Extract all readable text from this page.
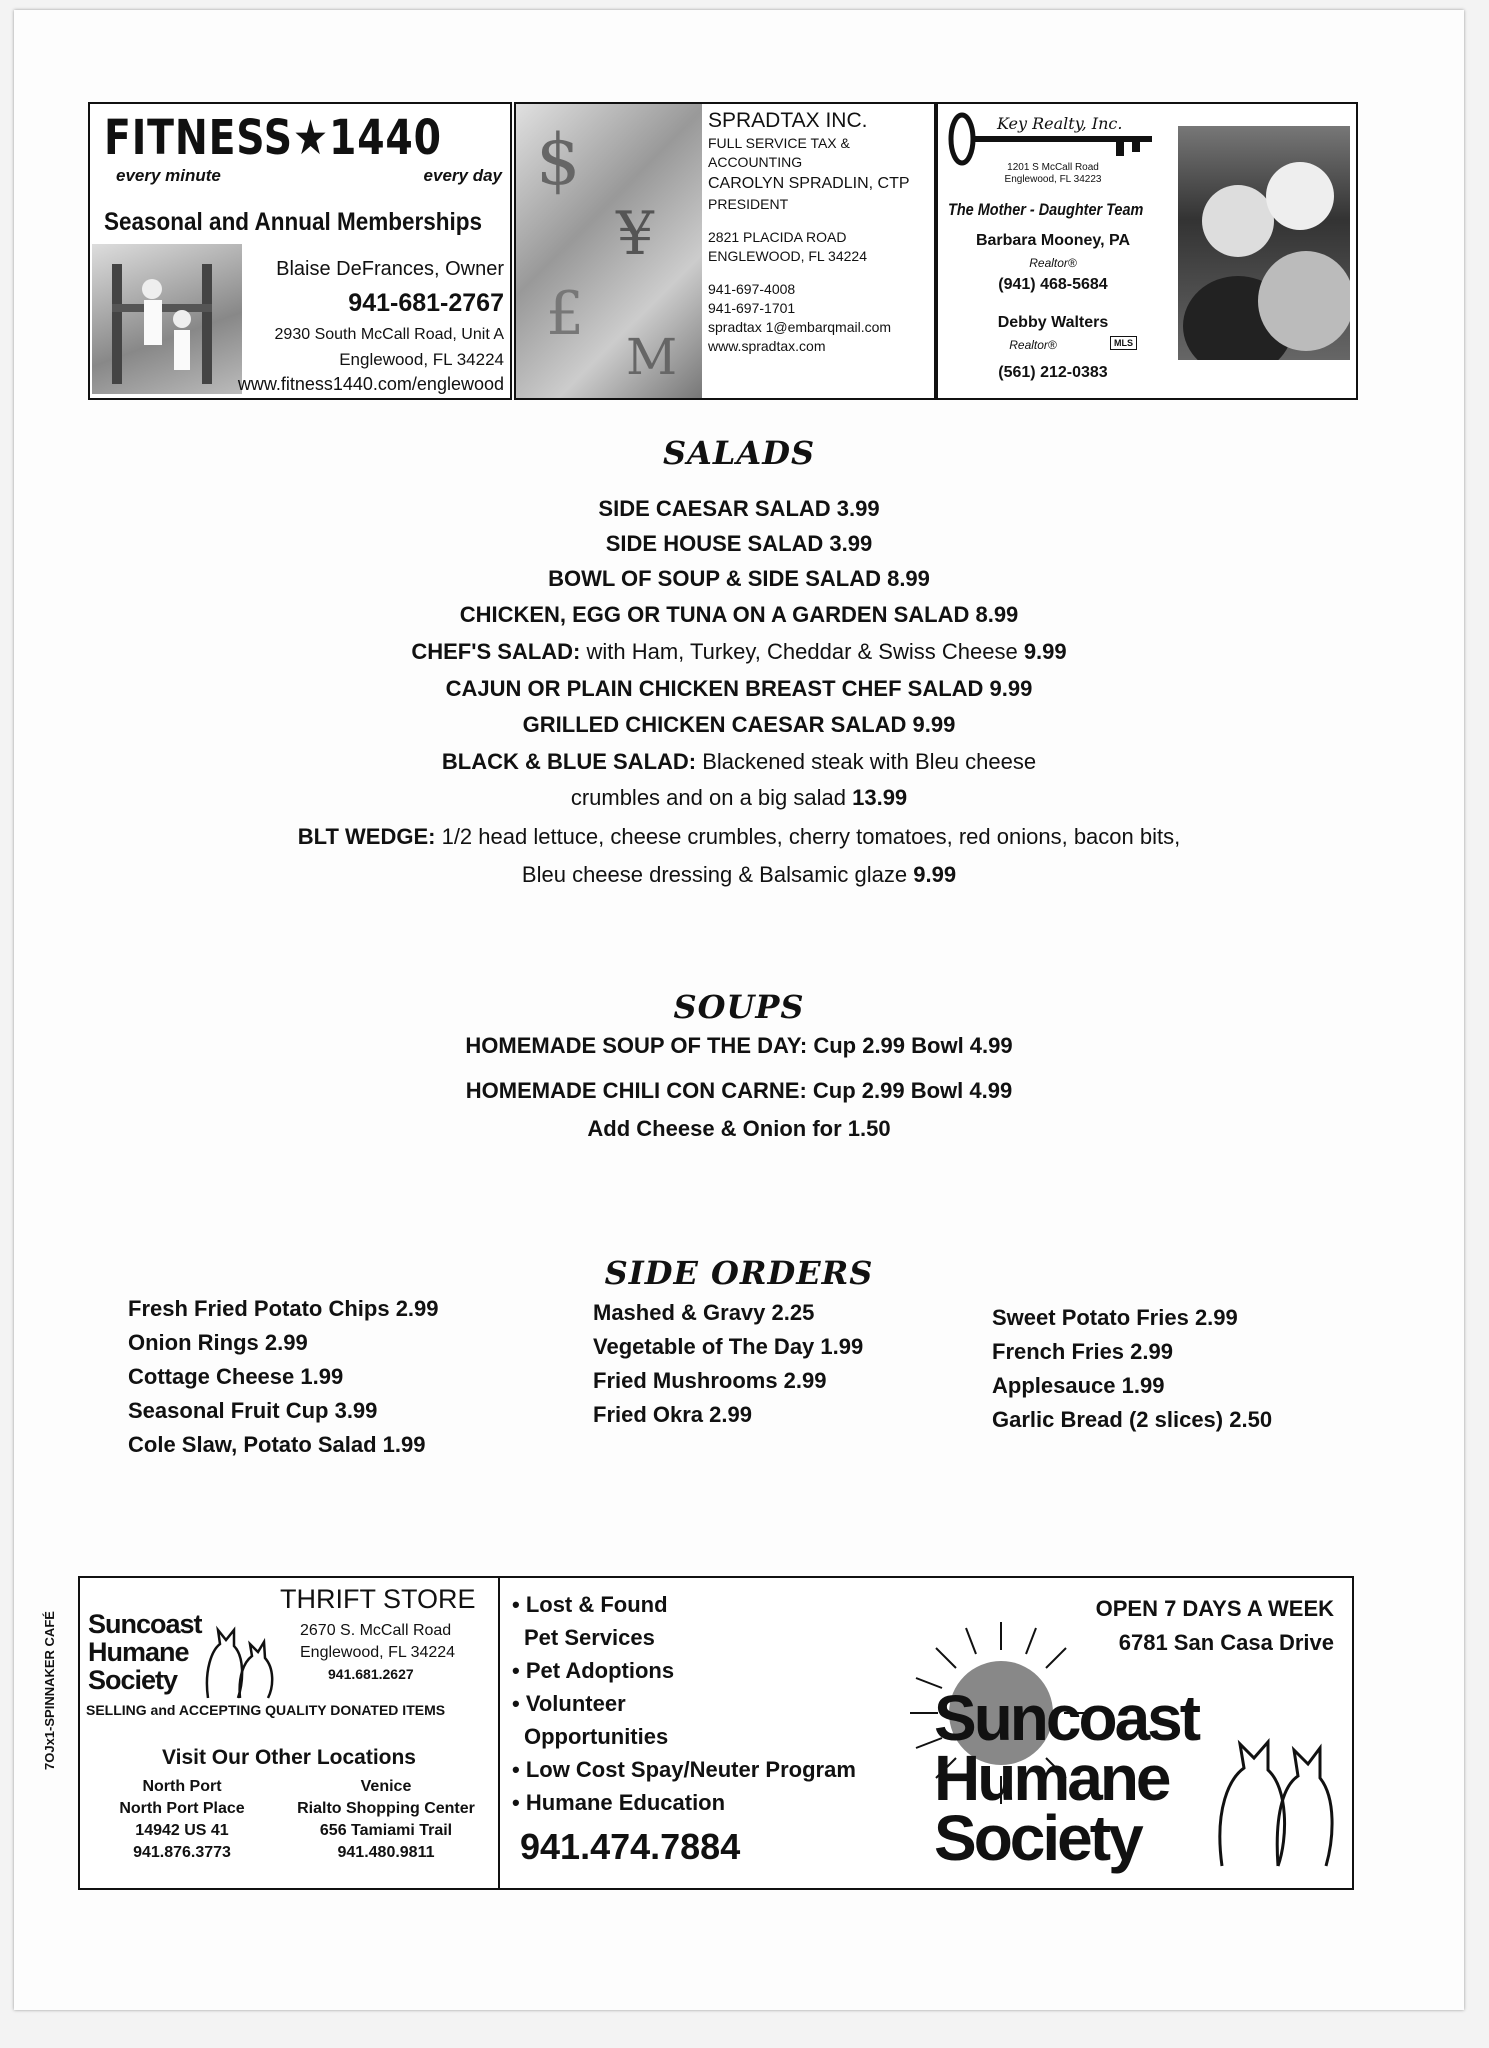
FITNESS★1440
every minute	every day
Seasonal and Annual Memberships
Blaise DeFrances, Owner
941-681-2767
2930 South McCall Road, Unit A
Englewood, FL 34224
www.fitness1440.com/englewood
$
¥
£
M
SPRADTAX INC.
FULL SERVICE TAX &
ACCOUNTING
CAROLYN SPRADLIN, CTP
PRESIDENT
2821 PLACIDA ROAD
ENGLEWOOD, FL 34224
941-697-4008
941-697-1701
spradtax 1@embarqmail.com
www.spradtax.com
Key Realty, Inc.
1201 S McCall Road
Englewood, FL 34223
The Mother - Daughter Team
Barbara Mooney, PA
Realtor®
(941) 468-5684
Debby Walters
Realtor®	MLS
(561) 212-0383
SALADS
SIDE CAESAR SALAD 3.99
SIDE HOUSE SALAD 3.99
BOWL OF SOUP & SIDE SALAD 8.99
CHICKEN, EGG OR TUNA ON A GARDEN SALAD 8.99
CHEF'S SALAD: with Ham, Turkey, Cheddar & Swiss Cheese 9.99
CAJUN OR PLAIN CHICKEN BREAST CHEF SALAD 9.99
GRILLED CHICKEN CAESAR SALAD 9.99
BLACK & BLUE SALAD: Blackened steak with Bleu cheese
crumbles and on a big salad 13.99
BLT WEDGE: 1/2 head lettuce, cheese crumbles, cherry tomatoes, red onions, bacon bits,
Bleu cheese dressing & Balsamic glaze 9.99
SOUPS
HOMEMADE SOUP OF THE DAY: Cup 2.99 Bowl 4.99
HOMEMADE CHILI CON CARNE: Cup 2.99 Bowl 4.99
Add Cheese & Onion for 1.50
SIDE ORDERS
Fresh Fried Potato Chips 2.99
Onion Rings 2.99
Cottage Cheese 1.99
Seasonal Fruit Cup 3.99
Cole Slaw, Potato Salad 1.99
Mashed & Gravy 2.25
Vegetable of The Day 1.99
Fried Mushrooms 2.99
Fried Okra 2.99
Sweet Potato Fries 2.99
French Fries 2.99
Applesauce 1.99
Garlic Bread (2 slices) 2.50
Suncoast
Humane
Society
THRIFT STORE
2670 S. McCall Road
Englewood, FL 34224
941.681.2627
SELLING and ACCEPTING QUALITY DONATED ITEMS
Visit Our Other Locations
North Port
North Port Place
14942 US 41
941.876.3773
Venice
Rialto Shopping Center
656 Tamiami Trail
941.480.9811
• Lost & Found
Pet Services
• Pet Adoptions
• Volunteer
Opportunities
• Low Cost Spay/Neuter Program
• Humane Education
941.474.7884
OPEN 7 DAYS A WEEK
6781 San Casa Drive
Suncoast
Humane
Society
7OJx1-SPINNAKER CAFÉ
